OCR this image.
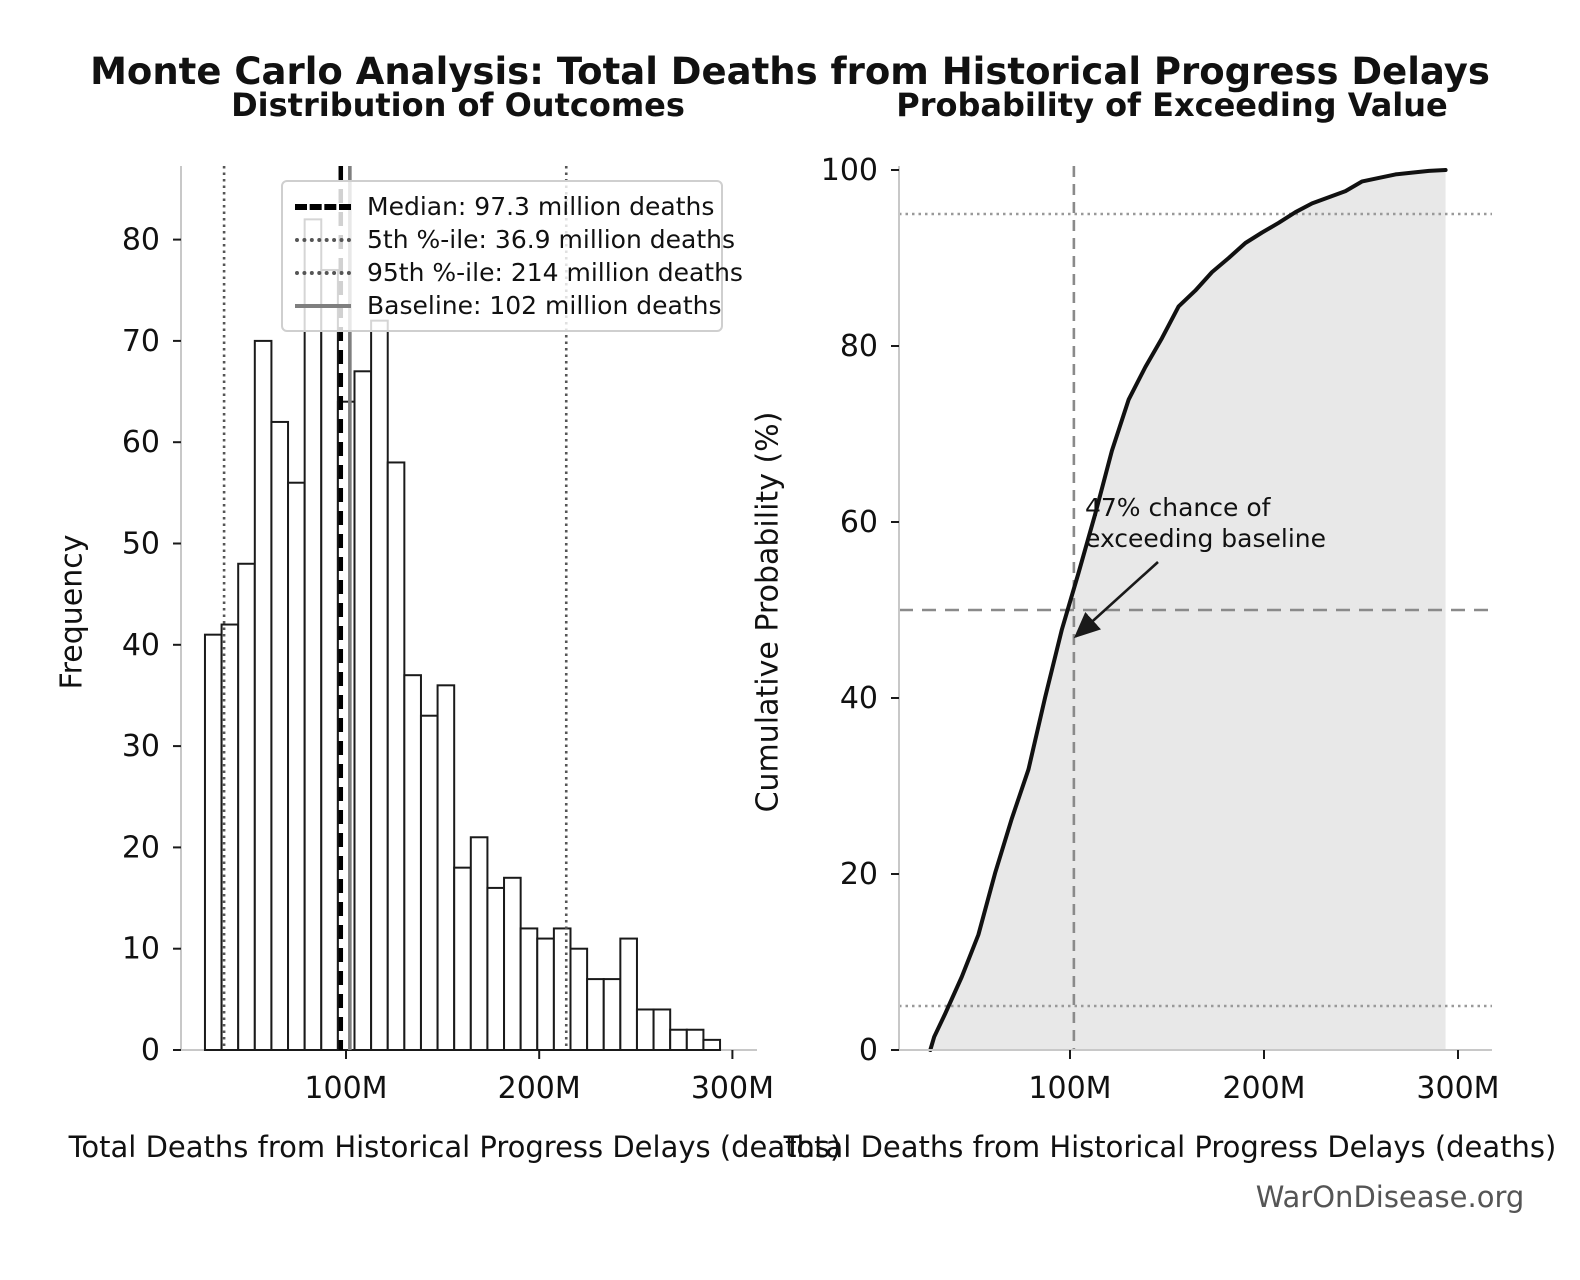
0
10
20
30
40
50
60
70
80
100M	200M	300M
0
20
40
60
80
100
100M	200M	300M
Monte Carlo Analysis: Total Deaths from Historical Progress Delays
Distribution of Outcomes	Probability of Exceeding Value
Frequency	Cumulative Probability (%)
Total Deaths from Historical Progress Delays (deaths)
Total Deaths from Historical Progress Delays (deaths)
Median: 97.3 million deaths
5th %-ile: 36.9 million deaths
95th %-ile: 214 million deaths
Baseline: 102 million deaths
47% chance of
exceeding baseline
WarOnDisease.org
